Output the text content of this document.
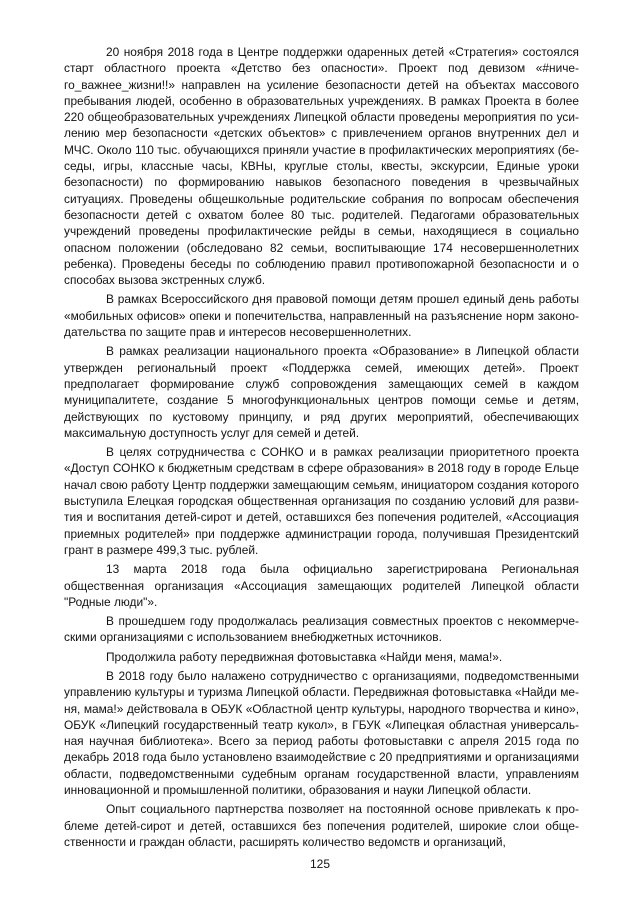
20 ноября 2018 года в Центре поддержки одаренных детей «Стратегия» состоялся старт областного проекта «Детство без опасности». Проект под девизом «#ничего_важнее_жизни!!» направлен на усиление безопасности детей на объектах массового пребывания людей, особенно в образовательных учреждениях. В рамках Проекта в более 220 общеобразовательных учреждениях Липецкой области проведены мероприятия по усилению мер безопасности «детских объектов» с привлечением органов внутренних дел и МЧС. Около 110 тыс. обучающихся приняли участие в профилактических мероприятиях (беседы, игры, классные часы, КВНы, круглые столы, квесты, экскурсии, Единые уроки безопасности) по формированию навыков безопасного поведения в чрезвычайных ситуациях. Проведены общешкольные родительские собрания по вопросам обеспечения безопасности детей с охватом более 80 тыс. родителей. Педагогами образовательных учреждений проведены профилактические рейды в семьи, находящиеся в социально опасном положении (обследовано 82 семьи, воспитывающие 174 несовершеннолетних ребенка). Проведены беседы по соблюдению правил противопожарной безопасности и о способах вызова экстренных служб.

В рамках Всероссийского дня правовой помощи детям прошел единый день работы «мобильных офисов» опеки и попечительства, направленный на разъяснение норм законодательства по защите прав и интересов несовершеннолетних.

В рамках реализации национального проекта «Образование» в Липецкой области утвержден региональный проект «Поддержка семей, имеющих детей». Проект предполагает формирование служб сопровождения замещающих семей в каждом муниципалитете, создание 5 многофункциональных центров помощи семье и детям, действующих по кустовому принципу, и ряд других мероприятий, обеспечивающих максимальную доступность услуг для семей и детей.

В целях сотрудничества с СОНКО и в рамках реализации приоритетного проекта «Доступ СОНКО к бюджетным средствам в сфере образования» в 2018 году в городе Ельце начал свою работу Центр поддержки замещающим семьям, инициатором создания которого выступила Елецкая городская общественная организация по созданию условий для развития и воспитания детей-сирот и детей, оставшихся без попечения родителей, «Ассоциация приемных родителей» при поддержке администрации города, получившая Президентский грант в размере 499,3 тыс. рублей.

13 марта 2018 года была официально зарегистрирована Региональная общественная организация «Ассоциация замещающих родителей Липецкой области "Родные люди"».

В прошедшем году продолжалась реализация совместных проектов с некоммерческими организациями с использованием внебюджетных источников.

Продолжила работу передвижная фотовыставка «Найди меня, мама!».

В 2018 году было налажено сотрудничество с организациями, подведомственными управлению культуры и туризма Липецкой области. Передвижная фотовыставка «Найди меня, мама!» действовала в ОБУК «Областной центр культуры, народного творчества и кино», ОБУК «Липецкий государственный театр кукол», в ГБУК «Липецкая областная универсальная научная библиотека». Всего за период работы фотовыставки с апреля 2015 года по декабрь 2018 года было установлено взаимодействие с 20 предприятиями и организациями области, подведомственными судебным органам государственной власти, управлениям инновационной и промышленной политики, образования и науки Липецкой области.

Опыт социального партнерства позволяет на постоянной основе привлекать к проблеме детей-сирот и детей, оставшихся без попечения родителей, широкие слои общественности и граждан области, расширять количество ведомств и организаций,

125
